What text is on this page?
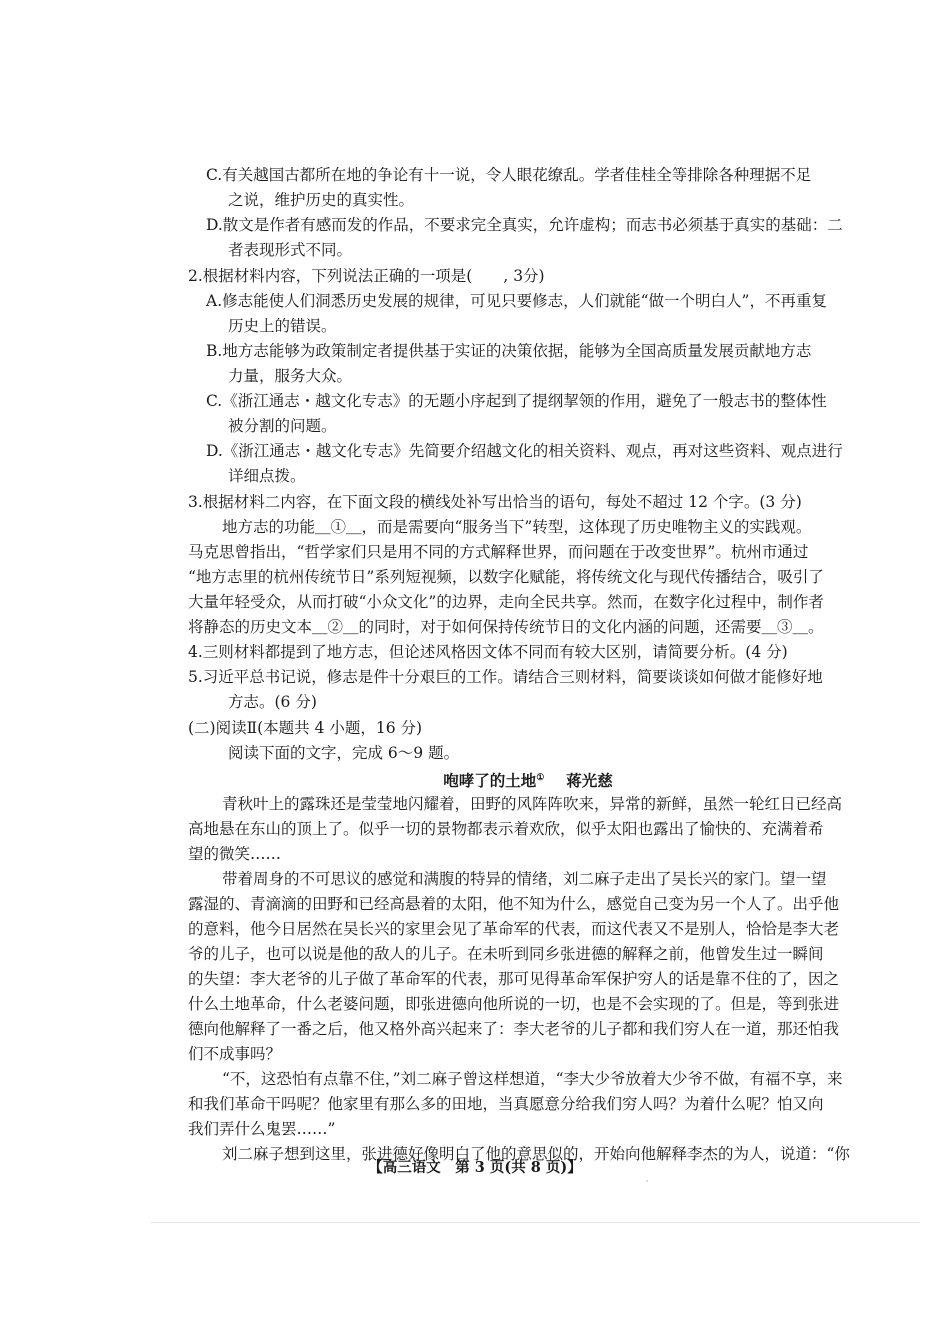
C.有关越国古都所在地的争论有十一说，令人眼花缭乱。学者佳桂全等排除各种理据不足
之说，维护历史的真实性。
D.散文是作者有感而发的作品，不要求完全真实，允许虚构；而志书必须基于真实的基础：二
者表现形式不同。
2.根据材料内容，下列说法正确的一项是(　　, 3分)
A.修志能使人们洞悉历史发展的规律，可见只要修志，人们就能“做一个明白人”，不再重复
历史上的错误。
B.地方志能够为政策制定者提供基于实证的决策依据，能够为全国高质量发展贡献地方志
力量，服务大众。
C.《浙江通志・越文化专志》的无题小序起到了提纲挈领的作用，避免了一般志书的整体性
被分割的问题。
D.《浙江通志・越文化专志》先简要介绍越文化的相关资料、观点，再对这些资料、观点进行
详细点拨。
3.根据材料二内容，在下面文段的横线处补写出恰当的语句，每处不超过 12 个字。(3 分)
地方志的功能＿①＿，而是需要向“服务当下”转型，这体现了历史唯物主义的实践观。
马克思曾指出，“哲学家们只是用不同的方式解释世界，而问题在于改变世界”。杭州市通过
“地方志里的杭州传统节日”系列短视频，以数字化赋能，将传统文化与现代传播结合，吸引了
大量年轻受众，从而打破“小众文化”的边界，走向全民共享。然而，在数字化过程中，制作者
将静态的历史文本＿②＿的同时，对于如何保持传统节日的文化内涵的问题，还需要＿③＿。
4.三则材料都提到了地方志，但论述风格因文体不同而有较大区别，请简要分析。(4 分)
5.习近平总书记说，修志是件十分艰巨的工作。请结合三则材料，简要谈谈如何做才能修好地
方志。(6 分)
(二)阅读Ⅱ(本题共 4 小题，16 分)
阅读下面的文字，完成 6～9 题。
咆哮了的土地① 蒋光慈
青秋叶上的露珠还是莹莹地闪耀着，田野的风阵阵吹来，异常的新鲜，虽然一轮红日已经高
高地悬在东山的顶上了。似乎一切的景物都表示着欢欣，似乎太阳也露出了愉快的、充满着希
望的微笑……
带着周身的不可思议的感觉和满腹的特异的情绪，刘二麻子走出了吴长兴的家门。望一望
露湿的、青滴滴的田野和已经高悬着的太阳，他不知为什么，感觉自己变为另一个人了。出乎他
的意料，他今日居然在吴长兴的家里会见了革命军的代表，而这代表又不是别人，恰恰是李大老
爷的儿子，也可以说是他的敌人的儿子。在未听到同乡张进德的解释之前，他曾发生过一瞬间
的失望：李大老爷的儿子做了革命军的代表，那可见得革命军保护穷人的话是靠不住的了，因之
什么土地革命，什么老婆问题，即张进德向他所说的一切，也是不会实现的了。但是，等到张进
德向他解释了一番之后，他又格外高兴起来了：李大老爷的儿子都和我们穷人在一道，那还怕我
们不成事吗？
“不，这恐怕有点靠不住，”刘二麻子曾这样想道，“李大少爷放着大少爷不做，有福不享，来
和我们革命干吗呢？他家里有那么多的田地，当真愿意分给我们穷人吗？为着什么呢？怕又向
我们弄什么鬼罢……”
刘二麻子想到这里，张进德好像明白了他的意思似的，开始向他解释李杰的为人，说道：“你
【高三语文　第 3 页(共 8 页)】
